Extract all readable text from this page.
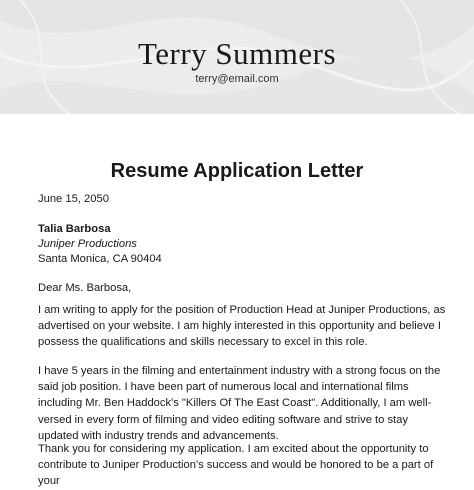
Terry Summers
terry@email.com
Resume Application Letter
June 15, 2050
Talia Barbosa
Juniper Productions
Santa Monica, CA 90404
Dear Ms. Barbosa,
I am writing to apply for the position of Production Head at Juniper Productions, as advertised on your website. I am highly interested in this opportunity and believe I possess the qualifications and skills necessary to excel in this role.
I have 5 years in the filming and entertainment industry with a strong focus on the said job position. I have been part of numerous local and international films including Mr. Ben Haddock's "Killers Of The East Coast". Additionally, I am well-versed in every form of filming and video editing software and strive to stay updated with industry trends and advancements.
Thank you for considering my application. I am excited about the opportunity to contribute to Juniper Production's success and would be honored to be a part of your
